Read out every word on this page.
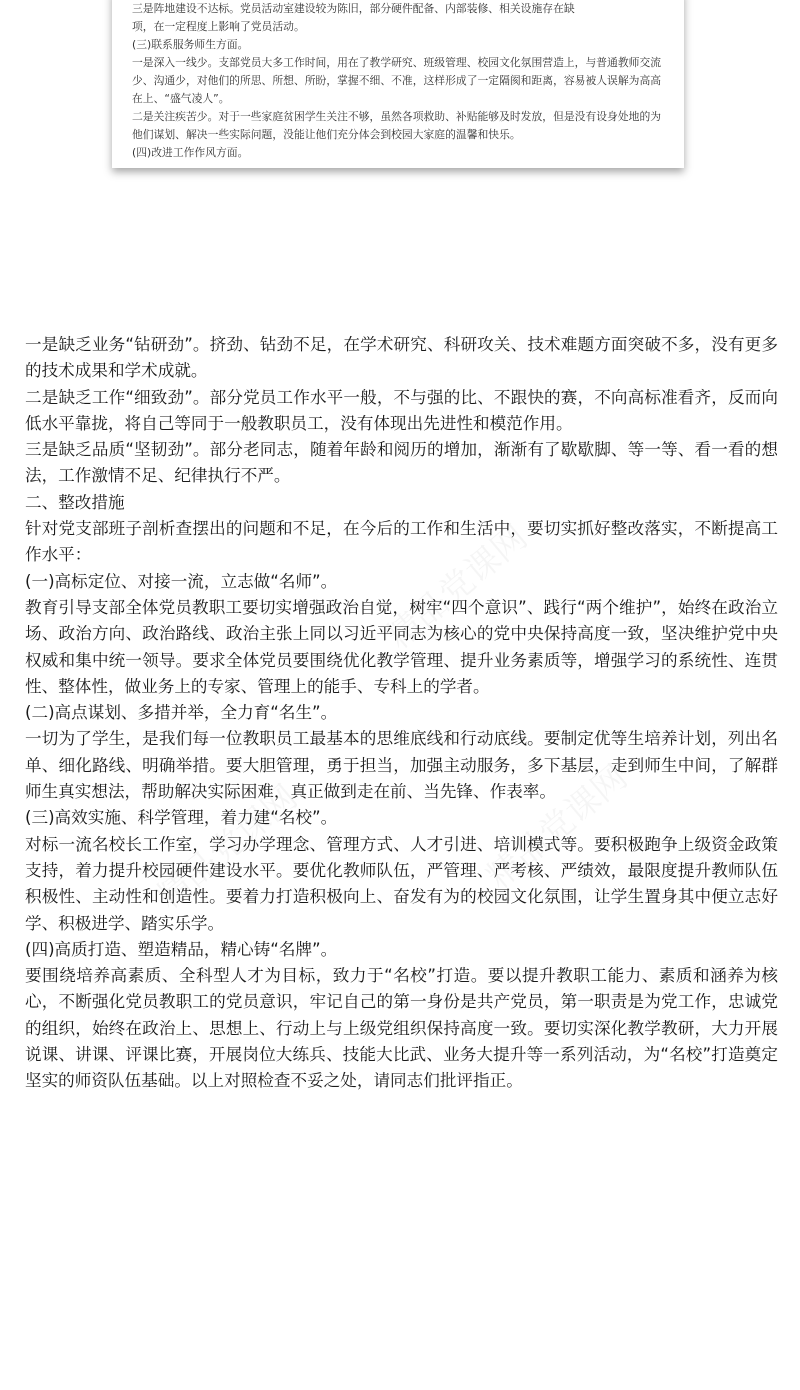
三是阵地建设不达标。党员活动室建设较为陈旧，部分硬件配备、内部装修、相关设施存在缺

项，在一定程度上影响了党员活动。

(三)联系服务师生方面。

一是深入一线少。支部党员大多工作时间，用在了教学研究、班级管理、校园文化氛围营造上，与普通教师交流少、沟通少，对他们的所思、所想、所盼，掌握不细、不准，这样形成了一定隔阂和距离，容易被人误解为高高在上、“盛气凌人”。

二是关注疾苦少。对于一些家庭贫困学生关注不够，虽然各项救助、补贴能够及时发放，但是没有设身处地的为他们谋划、解决一些实际问题，没能让他们充分体会到校园大家庭的温馨和快乐。

(四)改进工作作风方面。

一是缺乏业务“钻研劲”。挤劲、钻劲不足，在学术研究、科研攻关、技术难题方面突破不多，没有更多的技术成果和学术成就。

二是缺乏工作“细致劲”。部分党员工作水平一般，不与强的比、不跟快的赛，不向高标准看齐，反而向低水平靠拢，将自己等同于一般教职员工，没有体现出先进性和模范作用。

三是缺乏品质“坚韧劲”。部分老同志，随着年龄和阅历的增加，渐渐有了歇歇脚、等一等、看一看的想法，工作激情不足、纪律执行不严。

二、整改措施

针对党支部班子剖析查摆出的问题和不足，在今后的工作和生活中，要切实抓好整改落实，不断提高工作水平：

(一)高标定位、对接一流，立志做“名师”。

教育引导支部全体党员教职工要切实增强政治自觉，树牢“四个意识”、践行“两个维护”，始终在政治立场、政治方向、政治路线、政治主张上同以习近平同志为核心的党中央保持高度一致，坚决维护党中央权威和集中统一领导。要求全体党员要围绕优化教学管理、提升业务素质等，增强学习的系统性、连贯性、整体性，做业务上的专家、管理上的能手、专科上的学者。

(二)高点谋划、多措并举，全力育“名生”。

一切为了学生，是我们每一位教职员工最基本的思维底线和行动底线。要制定优等生培养计划，列出名单、细化路线、明确举措。要大胆管理，勇于担当，加强主动服务，多下基层，走到师生中间，了解群师生真实想法，帮助解决实际困难，真正做到走在前、当先锋、作表率。

(三)高效实施、科学管理，着力建“名校”。

对标一流名校长工作室，学习办学理念、管理方式、人才引进、培训模式等。要积极跑争上级资金政策支持，着力提升校园硬件建设水平。要优化教师队伍，严管理、严考核、严绩效，最限度提升教师队伍积极性、主动性和创造性。要着力打造积极向上、奋发有为的校园文化氛围，让学生置身其中便立志好学、积极进学、踏实乐学。

(四)高质打造、塑造精品，精心铸“名牌”。

要围绕培养高素质、全科型人才为目标，致力于“名校”打造。要以提升教职工能力、素质和涵养为核心，不断强化党员教职工的党员意识，牢记自己的第一身份是共产党员，第一职责是为党工作，忠诚党的组织，始终在政治上、思想上、行动上与上级党组织保持高度一致。要切实深化教学教研，大力开展说课、讲课、评课比赛，开展岗位大练兵、技能大比武、业务大提升等一系列活动，为“名校”打造奠定坚实的师资队伍基础。以上对照检查不妥之处，请同志们批评指正。
